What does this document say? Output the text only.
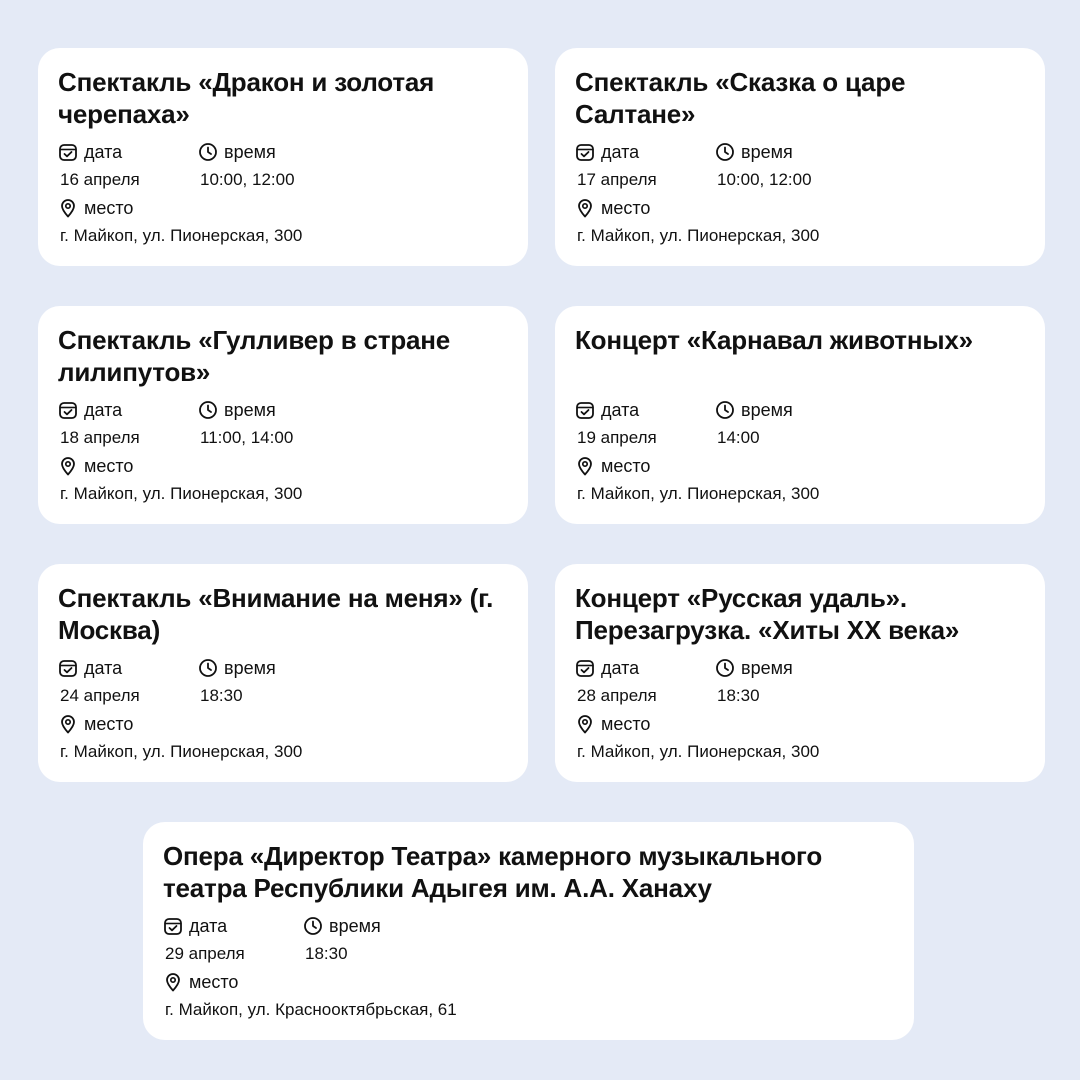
Спектакль «Дракон и золотая черепаха»
дата	время
16 апреля	10:00, 12:00
место
г. Майкоп, ул. Пионерская, 300
Спектакль «Сказка о царе Салтане»
дата	время
17 апреля	10:00, 12:00
место
г. Майкоп, ул. Пионерская, 300
Спектакль «Гулливер в стране лилипутов»
дата	время
18 апреля	11:00, 14:00
место
г. Майкоп, ул. Пионерская, 300
Концерт «Карнавал животных»
дата	время
19 апреля	14:00
место
г. Майкоп, ул. Пионерская, 300
Спектакль «Внимание на меня» (г. Москва)
дата	время
24 апреля	18:30
место
г. Майкоп, ул. Пионерская, 300
Концерт «Русская удаль». Перезагрузка. «Хиты XX века»
дата	время
28 апреля	18:30
место
г. Майкоп, ул. Пионерская, 300
Опера «Директор Театра» камерного музыкального театра Республики Адыгея им. А.А. Ханаху
дата	время
29 апреля	18:30
место
г. Майкоп, ул. Краснооктябрьская, 61
